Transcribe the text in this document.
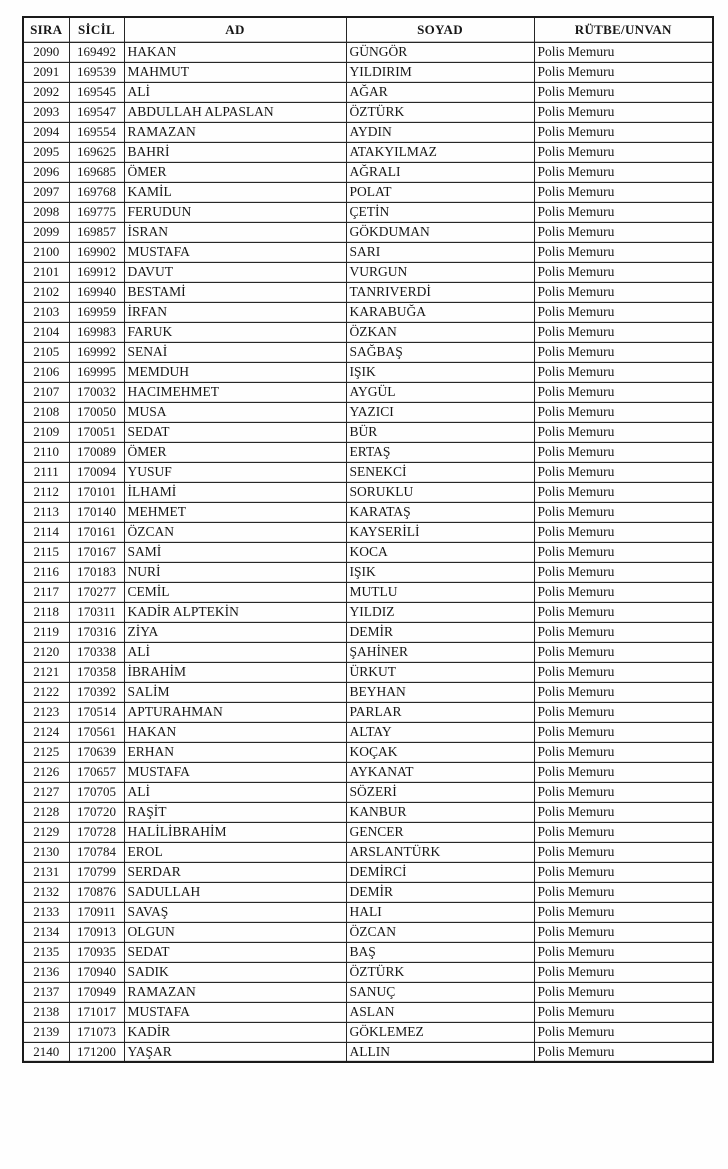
SIRA	SİCİL	AD	SOYAD	RÜTBE/UNVAN
2090	169492	HAKAN	GÜNGÖR	Polis Memuru
2091	169539	MAHMUT	YILDIRIM	Polis Memuru
2092	169545	ALİ	AĞAR	Polis Memuru
2093	169547	ABDULLAH ALPASLAN	ÖZTÜRK	Polis Memuru
2094	169554	RAMAZAN	AYDIN	Polis Memuru
2095	169625	BAHRİ	ATAKYILMAZ	Polis Memuru
2096	169685	ÖMER	AĞRALI	Polis Memuru
2097	169768	KAMİL	POLAT	Polis Memuru
2098	169775	FERUDUN	ÇETİN	Polis Memuru
2099	169857	İSRAN	GÖKDUMAN	Polis Memuru
2100	169902	MUSTAFA	SARI	Polis Memuru
2101	169912	DAVUT	VURGUN	Polis Memuru
2102	169940	BESTAMİ	TANRIVERDİ	Polis Memuru
2103	169959	İRFAN	KARABUĞA	Polis Memuru
2104	169983	FARUK	ÖZKAN	Polis Memuru
2105	169992	SENAİ	SAĞBAŞ	Polis Memuru
2106	169995	MEMDUH	IŞIK	Polis Memuru
2107	170032	HACIMEHMET	AYGÜL	Polis Memuru
2108	170050	MUSA	YAZICI	Polis Memuru
2109	170051	SEDAT	BÜR	Polis Memuru
2110	170089	ÖMER	ERTAŞ	Polis Memuru
2111	170094	YUSUF	SENEKCİ	Polis Memuru
2112	170101	İLHAMİ	SORUKLU	Polis Memuru
2113	170140	MEHMET	KARATAŞ	Polis Memuru
2114	170161	ÖZCAN	KAYSERİLİ	Polis Memuru
2115	170167	SAMİ	KOCA	Polis Memuru
2116	170183	NURİ	IŞIK	Polis Memuru
2117	170277	CEMİL	MUTLU	Polis Memuru
2118	170311	KADİR ALPTEKİN	YILDIZ	Polis Memuru
2119	170316	ZİYA	DEMİR	Polis Memuru
2120	170338	ALİ	ŞAHİNER	Polis Memuru
2121	170358	İBRAHİM	ÜRKUT	Polis Memuru
2122	170392	SALİM	BEYHAN	Polis Memuru
2123	170514	APTURAHMAN	PARLAR	Polis Memuru
2124	170561	HAKAN	ALTAY	Polis Memuru
2125	170639	ERHAN	KOÇAK	Polis Memuru
2126	170657	MUSTAFA	AYKANAT	Polis Memuru
2127	170705	ALİ	SÖZERİ	Polis Memuru
2128	170720	RAŞİT	KANBUR	Polis Memuru
2129	170728	HALİLİBRAHİM	GENCER	Polis Memuru
2130	170784	EROL	ARSLANTÜRK	Polis Memuru
2131	170799	SERDAR	DEMİRCİ	Polis Memuru
2132	170876	SADULLAH	DEMİR	Polis Memuru
2133	170911	SAVAŞ	HALI	Polis Memuru
2134	170913	OLGUN	ÖZCAN	Polis Memuru
2135	170935	SEDAT	BAŞ	Polis Memuru
2136	170940	SADIK	ÖZTÜRK	Polis Memuru
2137	170949	RAMAZAN	SANUÇ	Polis Memuru
2138	171017	MUSTAFA	ASLAN	Polis Memuru
2139	171073	KADİR	GÖKLEMEZ	Polis Memuru
2140	171200	YAŞAR	ALLIN	Polis Memuru
